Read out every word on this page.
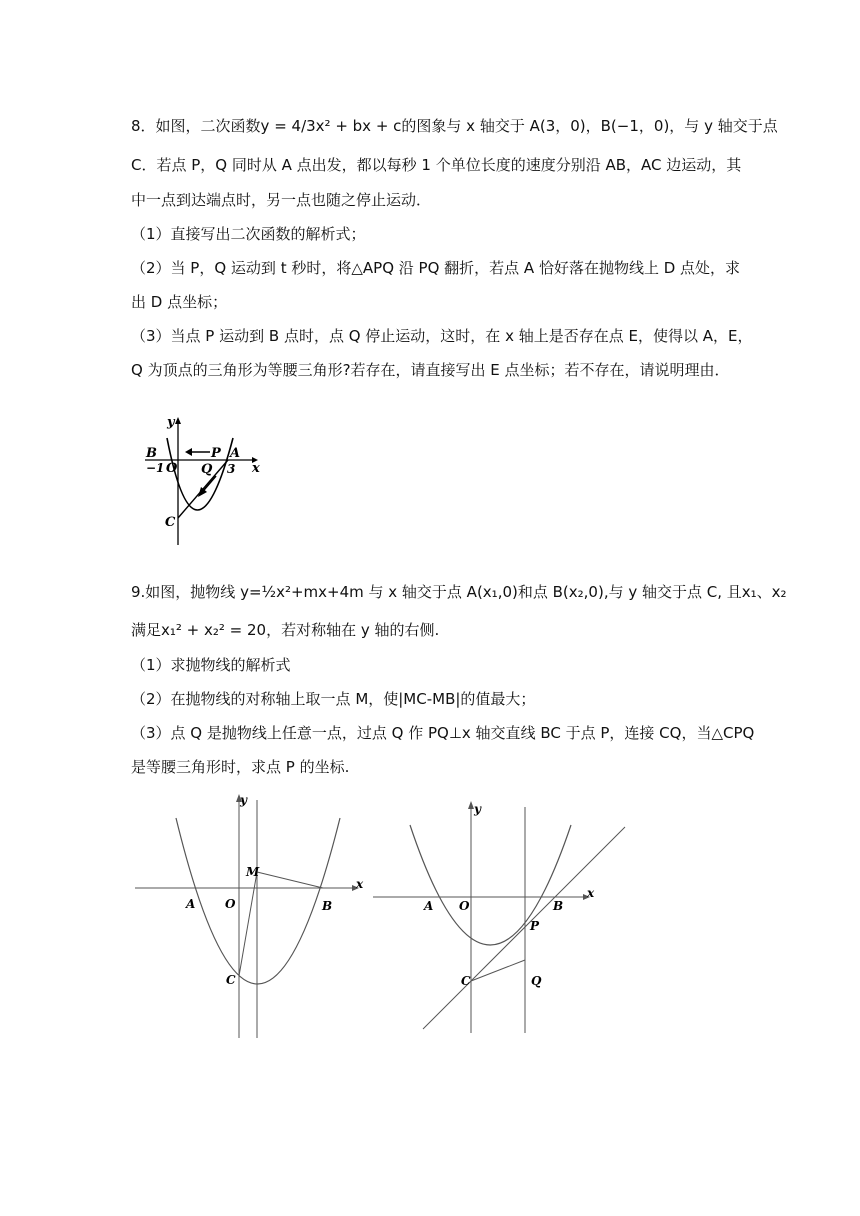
8．如图，二次函数y = 4/3x² + bx + c的图象与 x 轴交于 A(3，0)，B(−1，0)，与 y 轴交于点
C．若点 P，Q 同时从 A 点出发，都以每秒 1 个单位长度的速度分别沿 AB，AC 边运动，其
中一点到达端点时，另一点也随之停止运动．
（1）直接写出二次函数的解析式；
（2）当 P，Q 运动到 t 秒时，将△APQ 沿 PQ 翻折，若点 A 恰好落在抛物线上 D 点处，求
出 D 点坐标；
（3）当点 P 运动到 B 点时，点 Q 停止运动，这时，在 x 轴上是否存在点 E，使得以 A，E，
Q 为顶点的三角形为等腰三角形?若存在，请直接写出 E 点坐标；若不存在，请说明理由．
y
x
B	P A
−1 O Q 3
C
9.如图，抛物线 y=½x²+mx+4m 与 x 轴交于点 A(x₁,0)和点 B(x₂,0),与 y 轴交于点 C, 且x₁、x₂
满足x₁² + x₂² = 20，若对称轴在 y 轴的右侧.
（1）求抛物线的解析式
（2）在抛物线的对称轴上取一点 M，使|MC-MB|的值最大；
（3）点 Q 是抛物线上任意一点，过点 Q 作 PQ⊥x 轴交直线 BC 于点 P，连接 CQ，当△CPQ
是等腰三角形时，求点 P 的坐标.
y
x
M
A O	B
C
y
x
A O	B
P
C	Q
